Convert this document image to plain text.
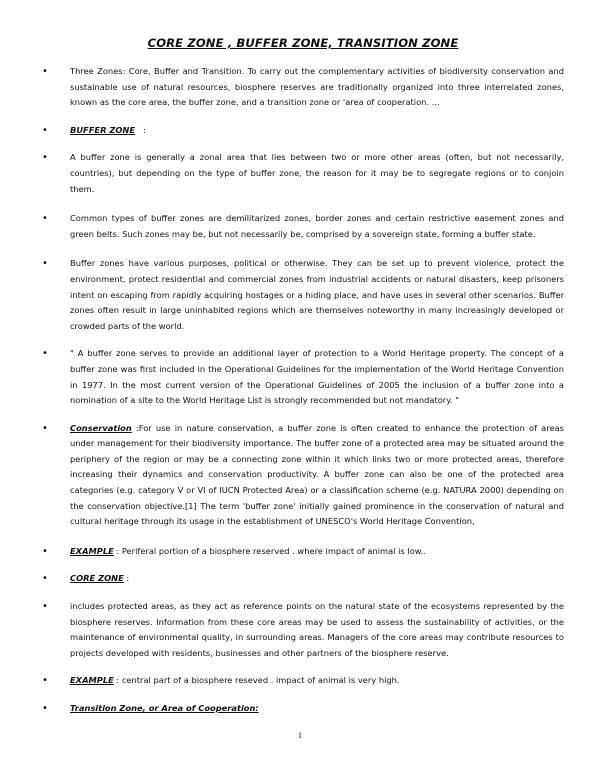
CORE ZONE , BUFFER ZONE, TRANSITION ZONE
• Three Zones: Core, Buffer and Transition. To carry out the complementary activities of biodiversity conservation and sustainable use of natural resources, biosphere reserves are traditionally organized into three interrelated zones, known as the core area, the buffer zone, and a transition zone or 'area of cooperation. ...
• BUFFER ZONE   :
• A buffer zone is generally a zonal area that lies between two or more other areas (often, but not necessarily, countries), but depending on the type of buffer zone, the reason for it may be to segregate regions or to conjoin them.
• Common types of buffer zones are demilitarized zones, border zones and certain restrictive easement zones and green belts. Such zones may be, but not necessarily be, comprised by a sovereign state, forming a buffer state.
• Buffer zones have various purposes, political or otherwise. They can be set up to prevent violence, protect the environment, protect residential and commercial zones from industrial accidents or natural disasters, keep prisoners intent on escaping from rapidly acquiring hostages or a hiding place, and have uses in several other scenarios. Buffer zones often result in large uninhabited regions which are themselves noteworthy in many increasingly developed or crowded parts of the world.
• " A buffer zone serves to provide an additional layer of protection to a World Heritage property. The concept of a buffer zone was first included in the Operational Guidelines for the implementation of the World Heritage Convention in 1977. In the most current version of the Operational Guidelines of 2005 the inclusion of a buffer zone into a nomination of a site to the World Heritage List is strongly recommended but not mandatory. "
• Conservation :For use in nature conservation, a buffer zone is often created to enhance the protection of areas under management for their biodiversity importance. The buffer zone of a protected area may be situated around the periphery of the region or may be a connecting zone within it which links two or more protected areas, therefore increasing their dynamics and conservation productivity. A buffer zone can also be one of the protected area categories (e.g. category V or VI of IUCN Protected Area) or a classification scheme (e.g. NATURA 2000) depending on the conservation objective.[1] The term 'buffer zone' initially gained prominence in the conservation of natural and cultural heritage through its usage in the establishment of UNESCO's World Heritage Convention,
• EXAMPLE : Periferal portion of a biosphere reserved . where impact of animal is low..
• CORE ZONE :
• includes protected areas, as they act as reference points on the natural state of the ecosystems represented by the biosphere reserves. Information from these core areas may be used to assess the sustainability of activities, or the maintenance of environmental quality, in surrounding areas. Managers of the core areas may contribute resources to projects developed with residents, businesses and other partners of the biosphere reserve.
• EXAMPLE : central part of a biosphere reseved . impact of animal is very high.
• Transition Zone, or Area of Cooperation:
1
